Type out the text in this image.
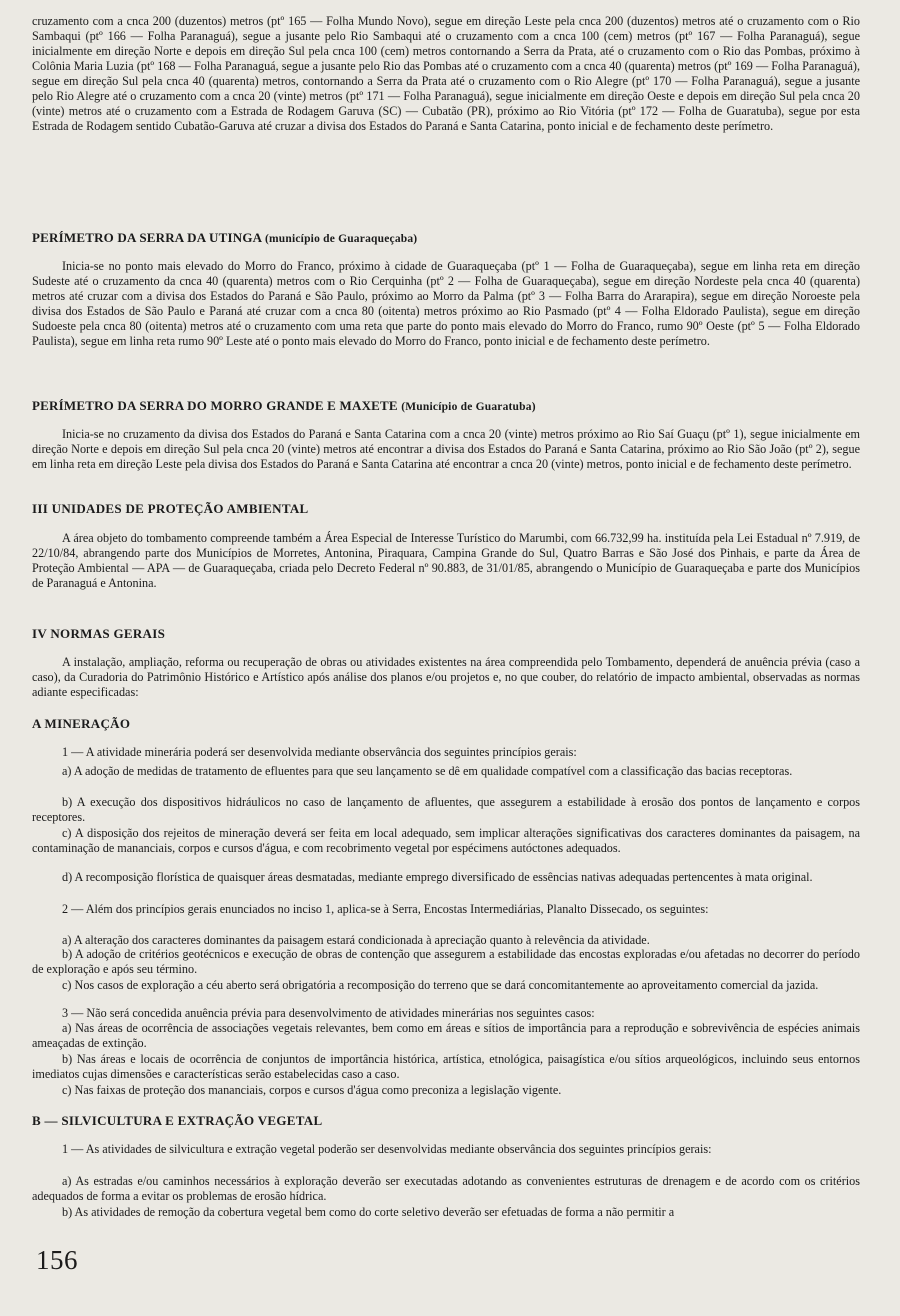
cruzamento com a cnca 200 (duzentos) metros (ptº 165 — Folha Mundo Novo), segue em direção Leste pela cnca 200 (duzentos) metros até o cruzamento com o Rio Sambaqui (ptº 166 — Folha Paranaguá), segue a jusante pelo Rio Sambaqui até o cruzamento com a cnca 100 (cem) metros (ptº 167 — Folha Paranaguá), segue inicialmente em direção Norte e depois em direção Sul pela cnca 100 (cem) metros contornando a Serra da Prata, até o cruzamento com o Rio das Pombas, próximo à Colônia Maria Luzia (ptº 168 — Folha Paranaguá, segue a jusante pelo Rio das Pombas até o cruzamento com a cnca 40 (quarenta) metros (ptº 169 — Folha Paranaguá), segue em direção Sul pela cnca 40 (quarenta) metros, contornando a Serra da Prata até o cruzamento com o Rio Alegre (ptº 170 — Folha Paranaguá), segue a jusante pelo Rio Alegre até o cruzamento com a cnca 20 (vinte) metros (ptº 171 — Folha Paranaguá), segue inicialmente em direção Oeste e depois em direção Sul pela cnca 20 (vinte) metros até o cruzamento com a Estrada de Rodagem Garuva (SC) — Cubatão (PR), próximo ao Rio Vitória (ptº 172 — Folha de Guaratuba), segue por esta Estrada de Rodagem sentido Cubatão-Garuva até cruzar a divisa dos Estados do Paraná e Santa Catarina, ponto inicial e de fechamento deste perímetro.

PERÍMETRO DA SERRA DA UTINGA (município de Guaraqueçaba)

Inicia-se no ponto mais elevado do Morro do Franco, próximo à cidade de Guaraqueçaba (ptº 1 — Folha de Guaraqueçaba), segue em linha reta em direção Sudeste até o cruzamento da cnca 40 (quarenta) metros com o Rio Cerquinha (ptº 2 — Folha de Guaraqueçaba), segue em direção Nordeste pela cnca 40 (quarenta) metros até cruzar com a divisa dos Estados do Paraná e São Paulo, próximo ao Morro da Palma (ptº 3 — Folha Barra do Ararapira), segue em direção Noroeste pela divisa dos Estados de São Paulo e Paraná até cruzar com a cnca 80 (oitenta) metros próximo ao Rio Pasmado (ptº 4 — Folha Eldorado Paulista), segue em direção Sudoeste pela cnca 80 (oitenta) metros até o cruzamento com uma reta que parte do ponto mais elevado do Morro do Franco, rumo 90º Oeste (ptº 5 — Folha Eldorado Paulista), segue em linha reta rumo 90º Leste até o ponto mais elevado do Morro do Franco, ponto inicial e de fechamento deste perímetro.

PERÍMETRO DA SERRA DO MORRO GRANDE E MAXETE (Município de Guaratuba)

Inicia-se no cruzamento da divisa dos Estados do Paraná e Santa Catarina com a cnca 20 (vinte) metros próximo ao Rio Saí Guaçu (ptº 1), segue inicialmente em direção Norte e depois em direção Sul pela cnca 20 (vinte) metros até encontrar a divisa dos Estados do Paraná e Santa Catarina, próximo ao Rio São João (ptº 2), segue em linha reta em direção Leste pela divisa dos Estados do Paraná e Santa Catarina até encontrar a cnca 20 (vinte) metros, ponto inicial e de fechamento deste perímetro.

III UNIDADES DE PROTEÇÃO AMBIENTAL

A área objeto do tombamento compreende também a Área Especial de Interesse Turístico do Marumbi, com 66.732,99 ha. instituída pela Lei Estadual nº 7.919, de 22/10/84, abrangendo parte dos Municípios de Morretes, Antonina, Piraquara, Campina Grande do Sul, Quatro Barras e São José dos Pinhais, e parte da Área de Proteção Ambiental — APA — de Guaraqueçaba, criada pelo Decreto Federal nº 90.883, de 31/01/85, abrangendo o Município de Guaraqueçaba e parte dos Municípios de Paranaguá e Antonina.

IV NORMAS GERAIS

A instalação, ampliação, reforma ou recuperação de obras ou atividades existentes na área compreendida pelo Tombamento, dependerá de anuência prévia (caso a caso), da Curadoria do Patrimônio Histórico e Artístico após análise dos planos e/ou projetos e, no que couber, do relatório de impacto ambiental, observadas as normas adiante especificadas:

A MINERAÇÃO

1 — A atividade minerária poderá ser desenvolvida mediante observância dos seguintes princípios gerais:

a) A adoção de medidas de tratamento de efluentes para que seu lançamento se dê em qualidade compatível com a classificação das bacias receptoras.

b) A execução dos dispositivos hidráulicos no caso de lançamento de afluentes, que assegurem a estabilidade à erosão dos pontos de lançamento e corpos receptores.

c) A disposição dos rejeitos de mineração deverá ser feita em local adequado, sem implicar alterações significativas dos caracteres dominantes da paisagem, na contaminação de mananciais, corpos e cursos d'água, e com recobrimento vegetal por espécimens autóctones adequados.

d) A recomposição florística de quaisquer áreas desmatadas, mediante emprego diversificado de essências nativas adequadas pertencentes à mata original.

2 — Além dos princípios gerais enunciados no inciso 1, aplica-se à Serra, Encostas Intermediárias, Planalto Dissecado, os seguintes:

a) A alteração dos caracteres dominantes da paisagem estará condicionada à apreciação quanto à relevência da atividade.

b) A adoção de critérios geotécnicos e execução de obras de contenção que assegurem a estabilidade das encostas exploradas e/ou afetadas no decorrer do período de exploração e após seu término.

c) Nos casos de exploração a céu aberto será obrigatória a recomposição do terreno que se dará concomitantemente ao aproveitamento comercial da jazida.

3 — Não será concedida anuência prévia para desenvolvimento de atividades minerárias nos seguintes casos:

a) Nas áreas de ocorrência de associações vegetais relevantes, bem como em áreas e sítios de importância para a reprodução e sobrevivência de espécies animais ameaçadas de extinção.

b) Nas áreas e locais de ocorrência de conjuntos de importância histórica, artística, etnológica, paisagística e/ou sítios arqueológicos, incluindo seus entornos imediatos cujas dimensões e características serão estabelecidas caso a caso.

c) Nas faixas de proteção dos mananciais, corpos e cursos d'água como preconiza a legislação vigente.

B — SILVICULTURA E EXTRAÇÃO VEGETAL

1 — As atividades de silvicultura e extração vegetal poderão ser desenvolvidas mediante observância dos seguintes princípios gerais:

a) As estradas e/ou caminhos necessários à exploração deverão ser executadas adotando as convenientes estruturas de drenagem e de acordo com os critérios adequados de forma a evitar os problemas de erosão hídrica.

b) As atividades de remoção da cobertura vegetal bem como do corte seletivo deverão ser efetuadas de forma a não permitir a

156
